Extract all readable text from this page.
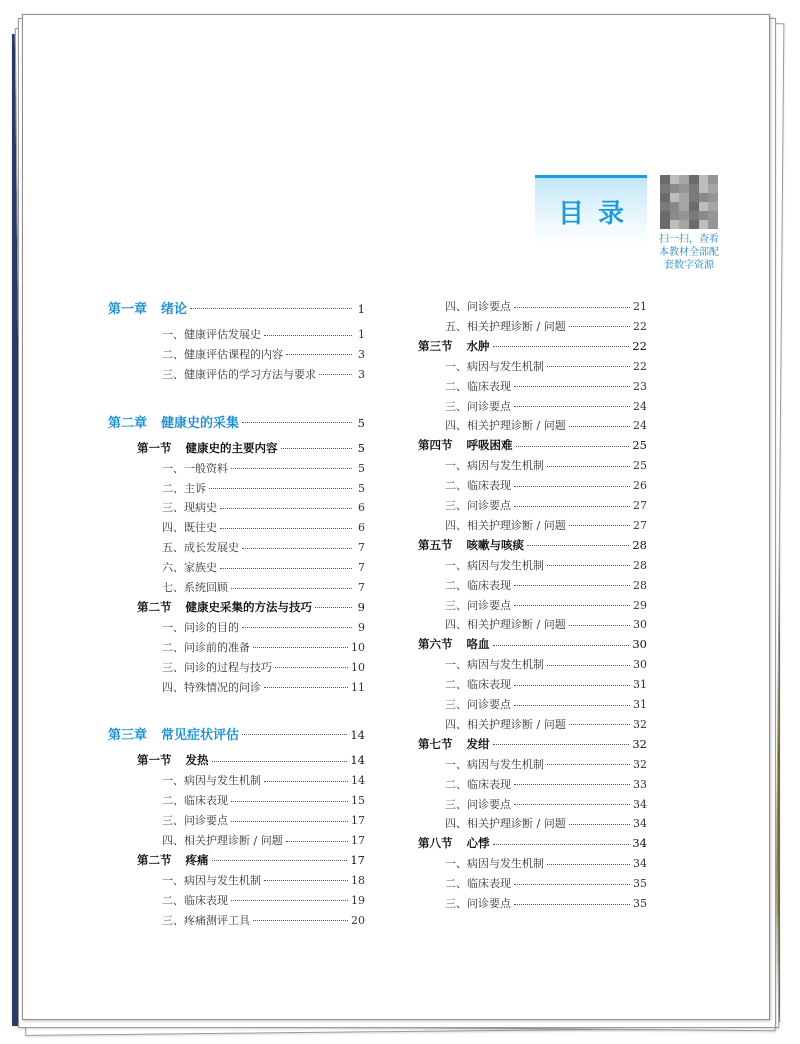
目录
扫一扫，查看本教材全部配套数字资源
第一章 绪论	1
一、健康评估发展史	1
二、健康评估课程的内容	3
三、健康评估的学习方法与要求	3
第二章 健康史的采集	5
第一节 健康史的主要内容	5
一、一般资料	5
二、主诉	5
三、现病史	6
四、既往史	6
五、成长发展史	7
六、家族史	7
七、系统回顾	7
第二节 健康史采集的方法与技巧	9
一、问诊的目的	9
二、问诊前的准备	10
三、问诊的过程与技巧	10
四、特殊情况的问诊	11
第三章 常见症状评估	14
第一节 发热	14
一、病因与发生机制	14
二、临床表现	15
三、问诊要点	17
四、相关护理诊断 / 问题	17
第二节 疼痛	17
一、病因与发生机制	18
二、临床表现	19
三、疼痛测评工具	20
四、问诊要点	21
五、相关护理诊断 / 问题	22
第三节 水肿	22
一、病因与发生机制	22
二、临床表现	23
三、问诊要点	24
四、相关护理诊断 / 问题	24
第四节 呼吸困难	25
一、病因与发生机制	25
二、临床表现	26
三、问诊要点	27
四、相关护理诊断 / 问题	27
第五节 咳嗽与咳痰	28
一、病因与发生机制	28
二、临床表现	28
三、问诊要点	29
四、相关护理诊断 / 问题	30
第六节 咯血	30
一、病因与发生机制	30
二、临床表现	31
三、问诊要点	31
四、相关护理诊断 / 问题	32
第七节 发绀	32
一、病因与发生机制	32
二、临床表现	33
三、问诊要点	34
四、相关护理诊断 / 问题	34
第八节 心悸	34
一、病因与发生机制	34
二、临床表现	35
三、问诊要点	35
